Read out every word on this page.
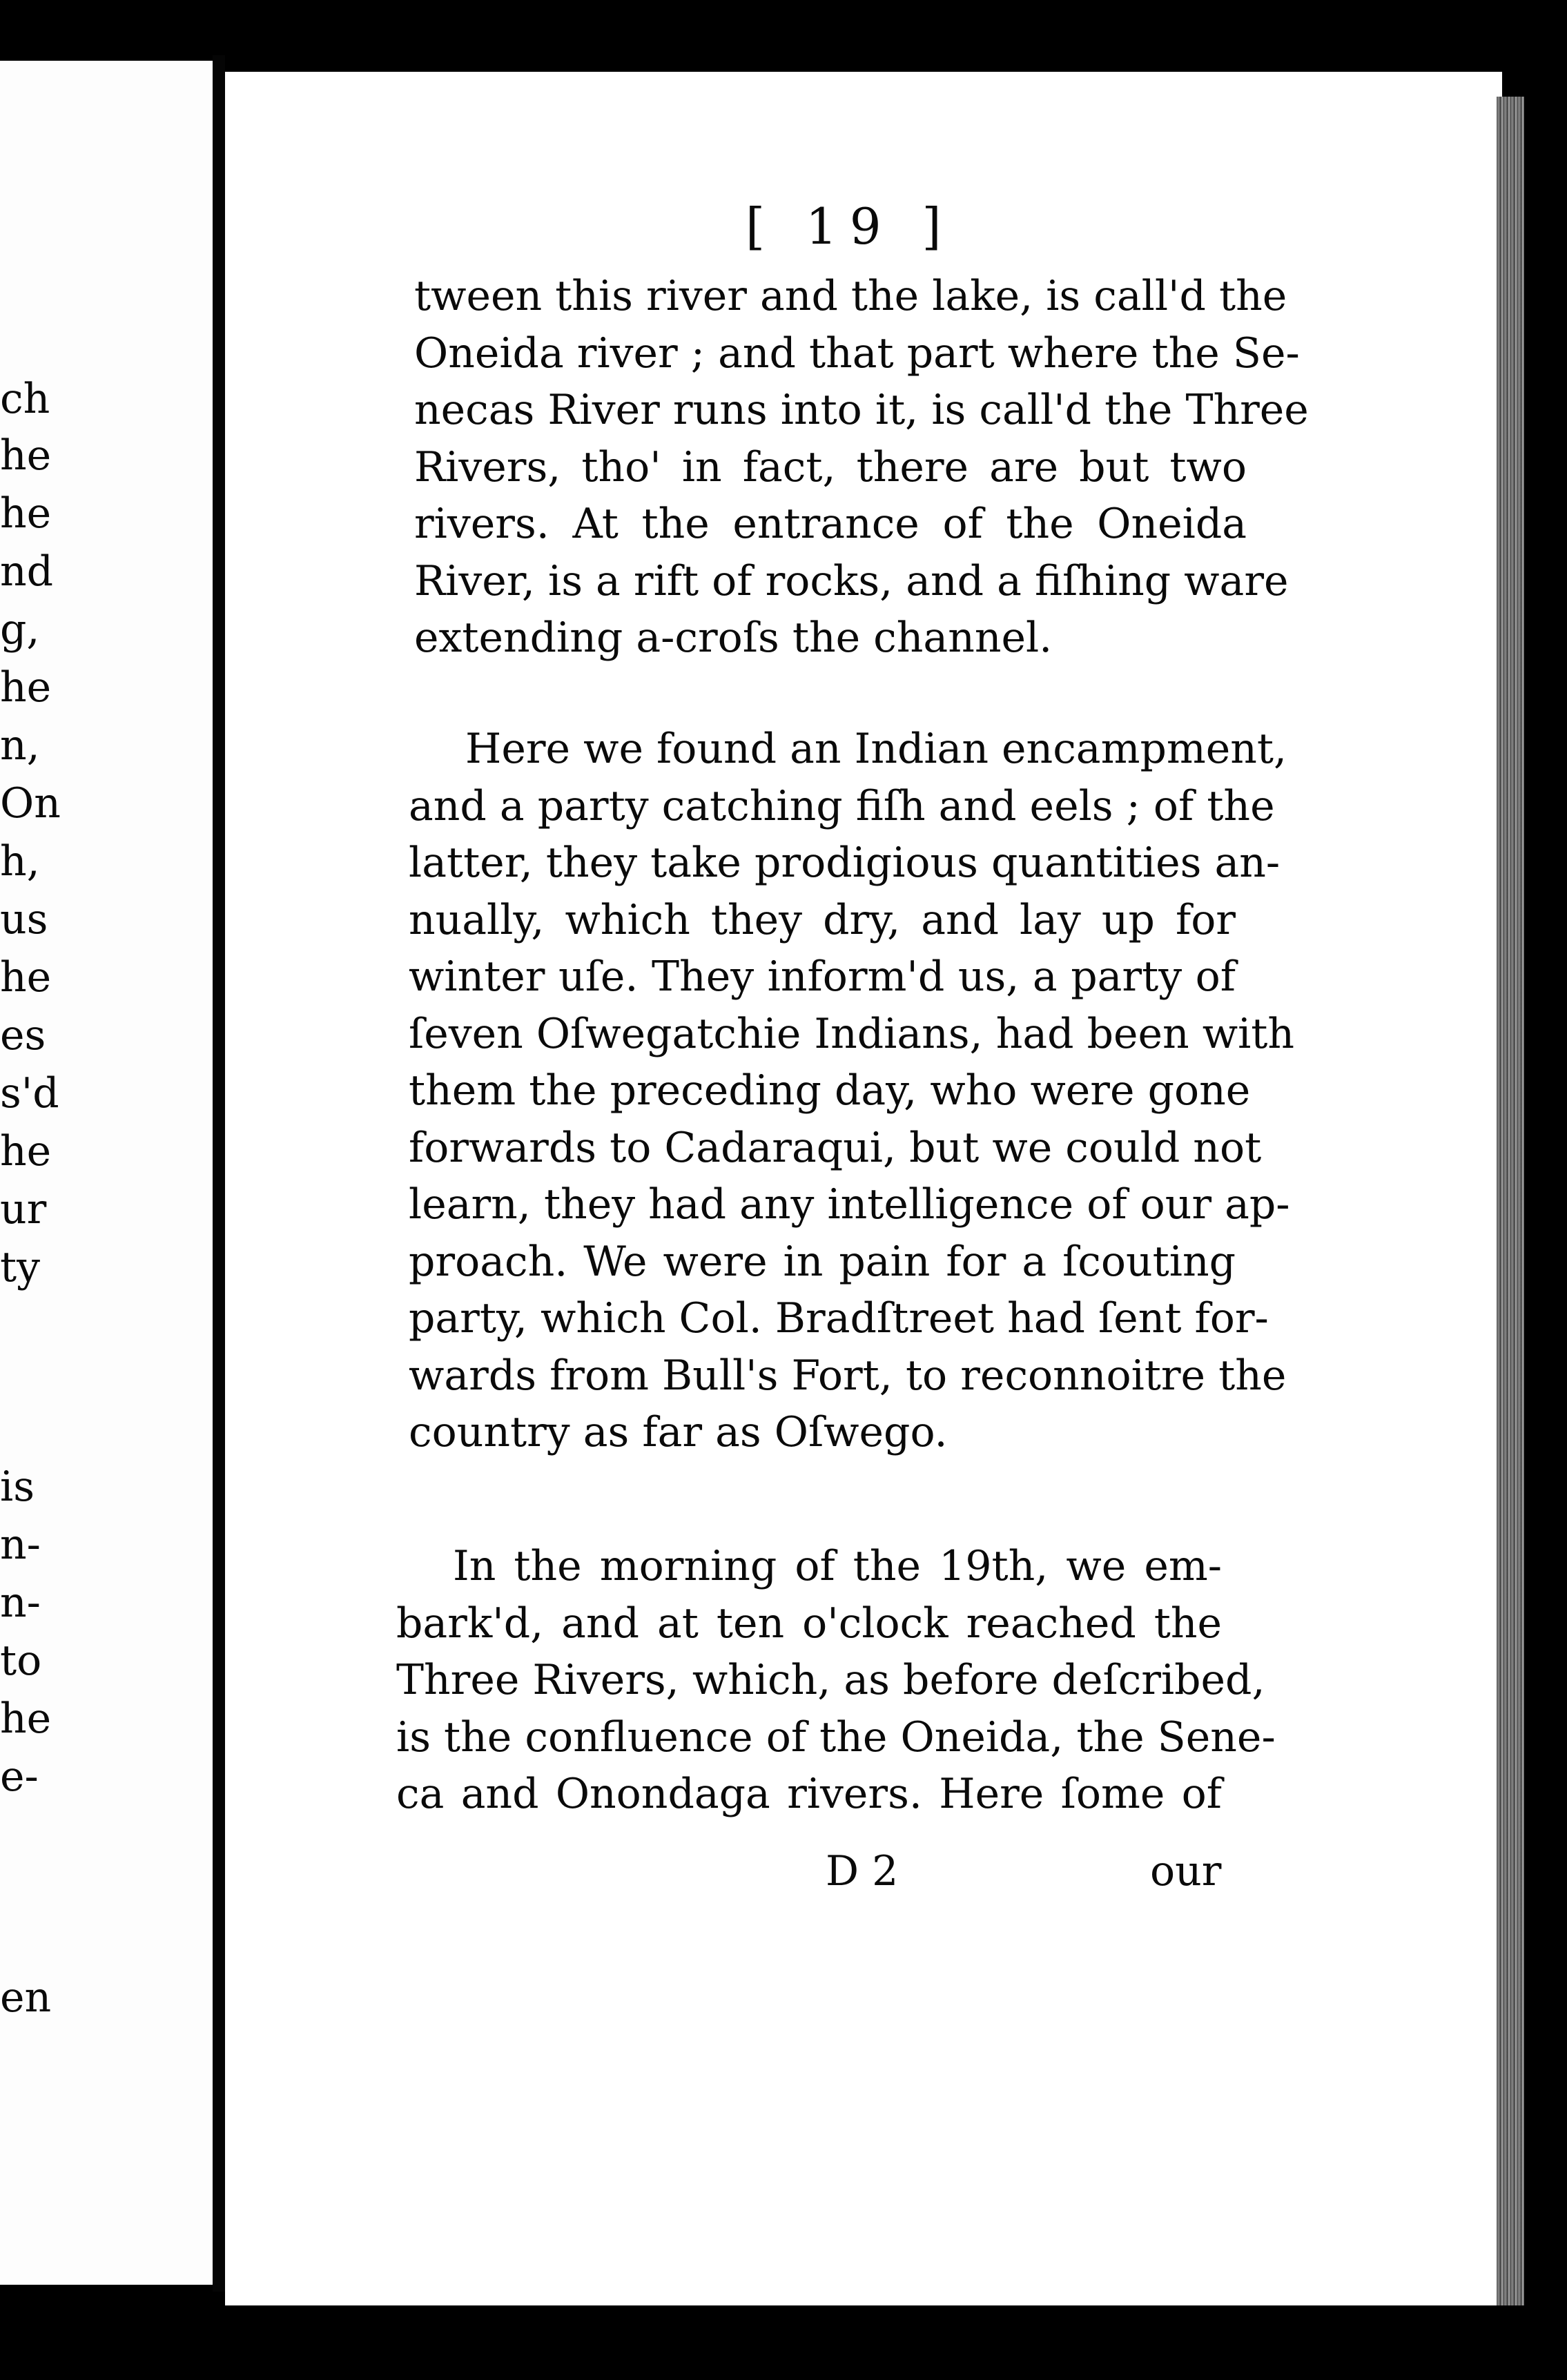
ch
he
he
nd
g,
he
n,
On
h,
us
he
es
s'd
he
ur
ty
is
n-
n-
to
he
e-
en
[ 19 ]
tween this river and the lake, is call'd the
Oneida river ; and that part where the Se-
necas River runs into it, is call'd the Three
Rivers, tho' in fact, there are but two
rivers. At the entrance of the Oneida
River, is a rift of rocks, and a fiſhing ware
extending a-croſs the channel.
Here we found an Indian encampment,
and a party catching fiſh and eels ; of the
latter, they take prodigious quantities an-
nually, which they dry, and lay up for
winter uſe. They inform'd us, a party of
ſeven Oſwegatchie Indians, had been with
them the preceding day, who were gone
forwards to Cadaraqui, but we could not
learn, they had any intelligence of our ap-
proach. We were in pain for a ſcouting
party, which Col. Bradſtreet had ſent for-
wards from Bull's Fort, to reconnoitre the
country as far as Oſwego.
In the morning of the 19th, we em-
bark'd, and at ten o'clock reached the
Three Rivers, which, as before deſcribed,
is the confluence of the Oneida, the Sene-
ca and Onondaga rivers. Here ſome of
D 2	our
